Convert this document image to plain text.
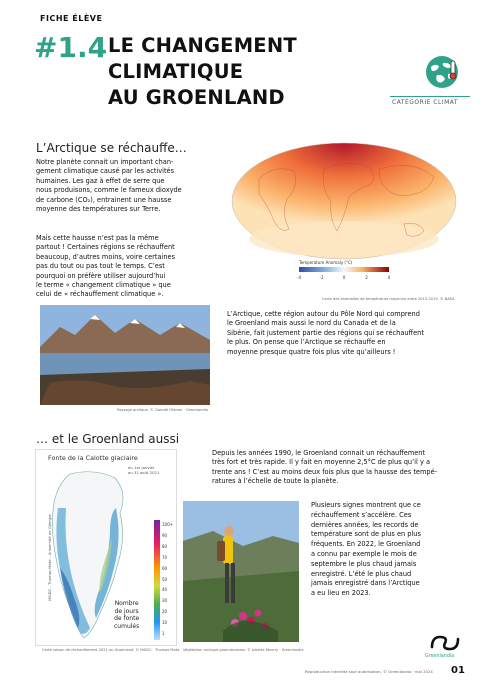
FICHE ÉLÈVE
#1.4 LE CHANGEMENT
CLIMATIQUE
AU GROENLAND	CATÉGORIE CLIMAT
L’Arctique se réchauffe…
Notre planète connait un important chan-
gement climatique causé par les activités
humaines. Les gaz à effet de serre que
nous produisons, comme le fameux dioxyde
de carbone (CO₂), entrainent une hausse
moyenne des températures sur Terre.
Mais cette hausse n’est pas la même
partout ! Certaines régions se réchauffent
beaucoup, d’autres moins, voire certaines
pas du tout ou pas tout le temps. C’est
pourquoi on préfère utiliser aujourd’hui
le terme « changement climatique » que
celui de « réchauffement climatique ».
Temperature Anomaly (°C)
-4	-2	0	2	4
Carte des anomalies de température moyenne entre 2015-2019. © NASA
Paysage arctique. © Gwenël Hübner · Greenlandia
L’Arctique, cette région autour du Pôle Nord qui comprend
le Groenland mais aussi le nord du Canada et de la
Sibérie, fait justement partie des régions qui se réchauffent
le plus. On pense que l’Arctique se réchauffe en
moyenne presque quatre fois plus vite qu’ailleurs !
… et le Groenland aussi
Fonte de la Calotte glaciaire
du 1er janvier
au 31 août 2021
100+
90
80
70
60
50
40
30
20
10
1
Nombre
de jours
de fonte
cumulés
NSIDC - Thomas Mote - Université de Géorgie
Carte saison de réchauffement 2021 au Groenland. © NSIDC · Thomas Mote
Depuis les années 1990, le Groenland connait un réchauffement
très fort et très rapide. Il y fait en moyenne 2,5°C de plus qu’il y a
trente ans ! C’est au moins deux fois plus que la hausse des tempé-
ratures à l’échelle de toute la planète.
Végétation arctique groenlandaise. © Juliette Meurry · Greenlandia
Plusieurs signes montrent que ce
réchauffement s’accélère. Ces
dernières années, les records de
température sont de plus en plus
fréquents. En 2022, le Groenland
a connu par exemple le mois de
septembre le plus chaud jamais
enregistré. L’été le plus chaud
jamais enregistré dans l’Arctique
a eu lieu en 2023.
Greenlandia
Reproduction interdite sauf autorisation. © Greenlandia · mai 2024 01
